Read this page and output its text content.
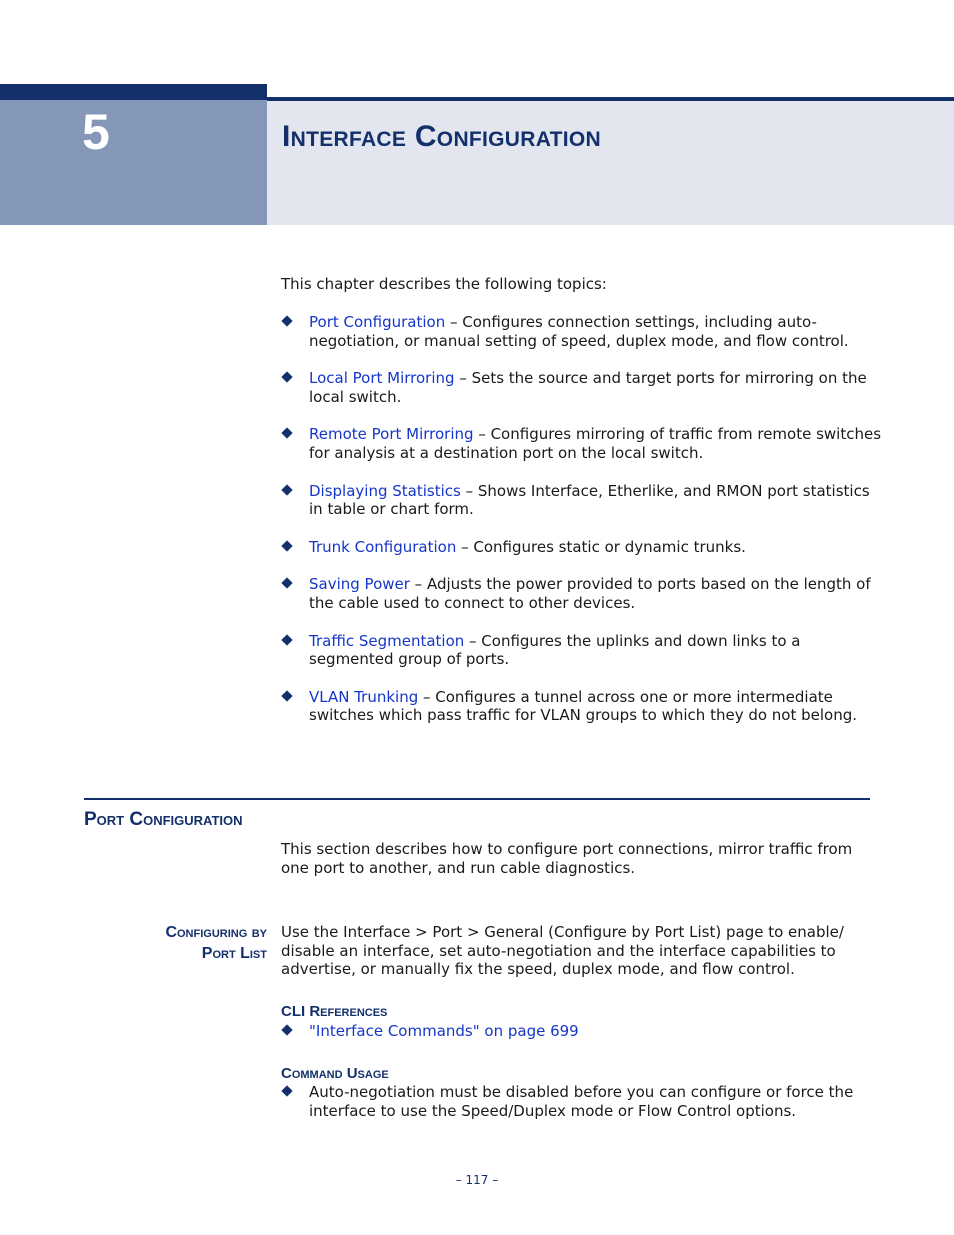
5	Interface Configuration
This chapter describes the following topics:
Port Configuration – Configures connection settings, including auto-negotiation, or manual setting of speed, duplex mode, and flow control.
Local Port Mirroring – Sets the source and target ports for mirroring on the local switch.
Remote Port Mirroring – Configures mirroring of traffic from remote switches for analysis at a destination port on the local switch.
Displaying Statistics – Shows Interface, Etherlike, and RMON port statistics in table or chart form.
Trunk Configuration – Configures static or dynamic trunks.
Saving Power – Adjusts the power provided to ports based on the length of the cable used to connect to other devices.
Traffic Segmentation – Configures the uplinks and down links to a segmented group of ports.
VLAN Trunking – Configures a tunnel across one or more intermediate switches which pass traffic for VLAN groups to which they do not belong.
Port Configuration
This section describes how to configure port connections, mirror traffic from one port to another, and run cable diagnostics.
Configuring by
Port List
Use the Interface > Port > General (Configure by Port List) page to enable/ disable an interface, set auto-negotiation and the interface capabilities to advertise, or manually fix the speed, duplex mode, and flow control.
CLI References
"Interface Commands" on page 699
Command Usage
Auto-negotiation must be disabled before you can configure or force the interface to use the Speed/Duplex mode or Flow Control options.
– 117 –
